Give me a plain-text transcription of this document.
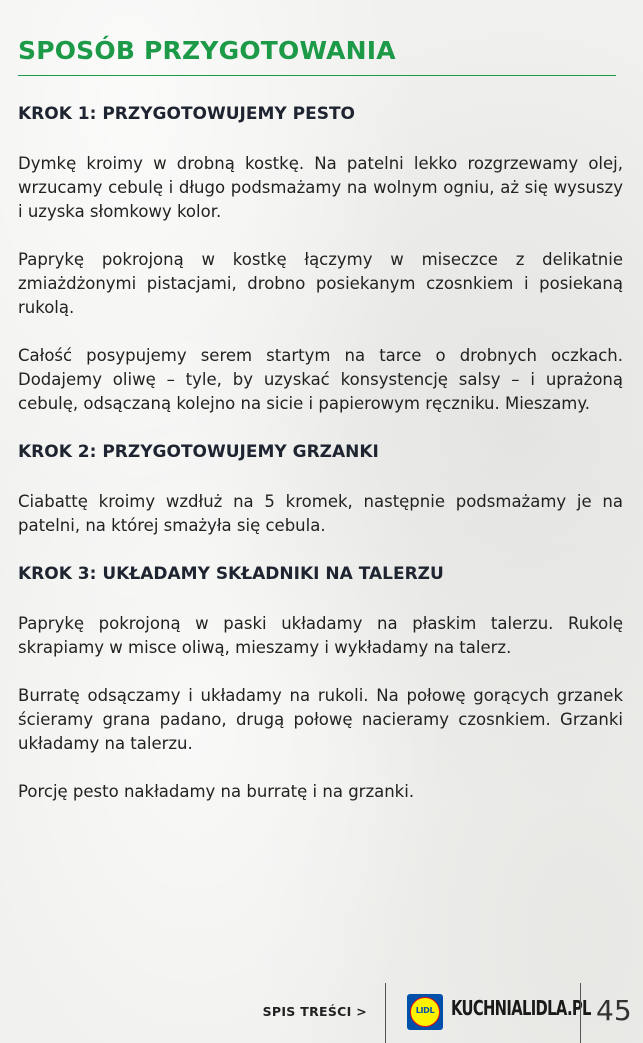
SPOSÓB PRZYGOTOWANIA
KROK 1: PRZYGOTOWUJEMY PESTO

Dymkę kroimy w drobną kostkę. Na patelni lekko rozgrzewamy olej, wrzucamy cebulę i długo podsmażamy na wolnym ogniu, aż się wysuszy i uzyska słomkowy kolor.

Paprykę pokrojoną w kostkę łączymy w miseczce z delikatnie zmiażdżonymi pistacjami, drobno posiekanym czosnkiem i posiekaną rukolą.

Całość posypujemy serem startym na tarce o drobnych oczkach. Dodajemy oliwę – tyle, by uzyskać konsystencję salsy – i uprażoną cebulę, odsączaną kolejno na sicie i papierowym ręczniku. Mieszamy.

KROK 2: PRZYGOTOWUJEMY GRZANKI

Ciabattę kroimy wzdłuż na 5 kromek, następnie podsmażamy je na patelni, na której smażyła się cebula.

KROK 3: UKŁADAMY SKŁADNIKI NA TALERZU

Paprykę pokrojoną w paski układamy na płaskim talerzu. Rukolę skrapiamy w misce oliwą, mieszamy i wykładamy na talerz.

Burratę odsączamy i układamy na rukoli. Na połowę gorących grzanek ścieramy grana padano, drugą połowę nacieramy czosnkiem. Grzanki układamy na talerzu.

Porcję pesto nakładamy na burratę i na grzanki.

SPIS TREŚCI >	LIDL KUCHNIALIDLA.PL 45
